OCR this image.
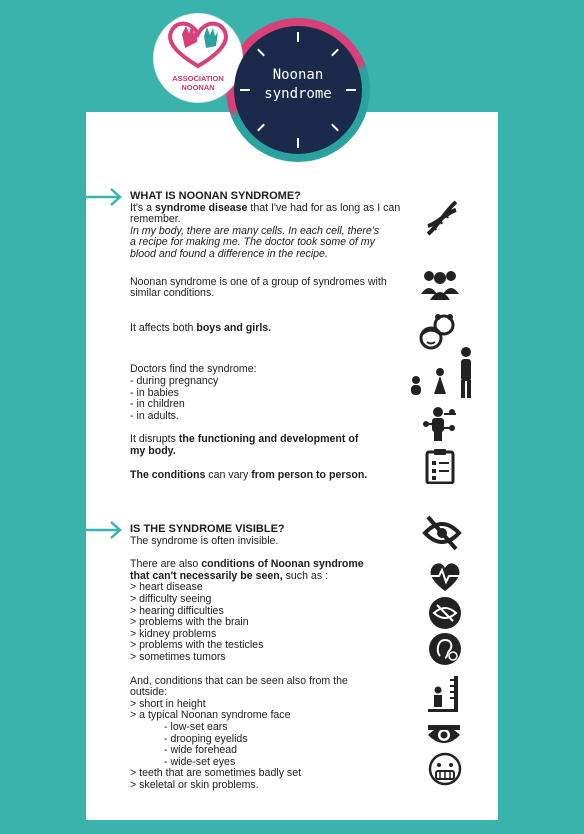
ASSOCIATION
NOONAN
Noonan
syndrome

WHAT IS NOONAN SYNDROME?

It's a syndrome disease that I've had for as long as I can remember.

In my body, there are many cells. In each cell, there's a recipe for making me. The doctor took some of my blood and found a difference in the recipe.

Noonan syndrome is one of a group of syndromes with similar conditions.

It affects both boys and girls.

Doctors find the syndrome:

- during pregnancy
- in babies
- in children
- in adults.

It disrupts the functioning and development of my body.

The conditions can vary from person to person.

IS THE SYNDROME VISIBLE?

The syndrome is often invisible.

There are also conditions of Noonan syndrome that can't necessarily be seen, such as :

> heart disease
> difficulty seeing
> hearing difficulties
> problems with the brain
> kidney problems
> problems with the testicles
> sometimes tumors

And, conditions that can be seen also from the outside:

> short in height
> a typical Noonan syndrome face
- low-set ears
- drooping eyelids
- wide forehead
- wide-set eyes
> teeth that are sometimes badly set
> skeletal or skin problems.
